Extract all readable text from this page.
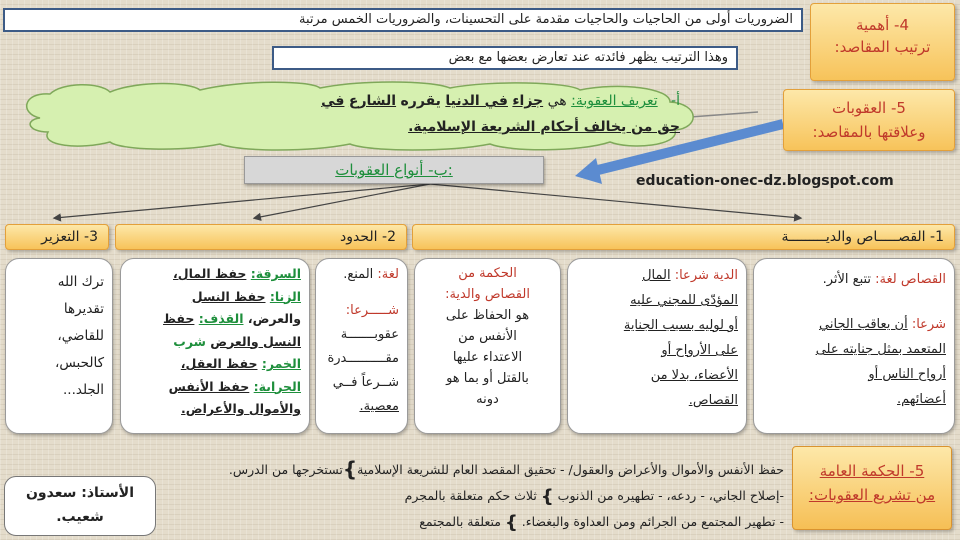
4- أهمية
ترتيب المقاصد:
الضروريات أولى من الحاجيات والحاجيات مقدمة على التحسينات، والضروريات الخمس مرتبة
وهذا الترتيب يظهر فائدته عند تعارض بعضها مع بعض
5- العقوبات
وعلاقتها بالمقاصد:
أ-   تعريف العقوبة: هي جزاء في الدنيا يقرره الشارع في
حق من يخالف أحكام الشريعة الإسلامية.
ب- أنواع العقوبات:
education-onec-dz.blogspot.com
1- القصـــــاص والديـــــــــة
2- الحدود
3- التعزير
القصاص لغة: تتبع الأثر.
شرعا: أن يعاقب الجاني
المتعمد بمثل جنايته على
أرواح الناس أو
أعضائهم.
الدية شرعا: المال
المؤدّى للمجني عليه
أو لوليه بسبب الجناية
على الأرواح أو
الأعضاء، بدلا من
القصاص.
الحكمة من
القصاص والدية:
هو الحفاظ على
الأنفس من
الاعتداء عليها
بالقتل أو بما هو
دونه
لغة: المنع.
شـــــرعا:
عقوبـــــــة
مقــــــــــدرة
شــرعاً فــي
معصية.
السرقة: حفظ المال،
الزنا: حفظ النسل
والعرض، القذف: حفظ
النسل والعرض شرب
الخمر: حفظ العقل،
الحرابة: حفظ الأنفس
والأموال والأعراض.
ترك الله
تقديرها
للقاضي،
كالحبس،
الجلد...
5- الحكمة العامة
من تشريع العقوبات:
حفظ الأنفس والأموال والأعراض والعقول/ - تحقيق المقصد العام للشريعة الإسلامية}تستخرجها من الدرس.
-إصلاح الجاني، - ردعه، - تطهيره من الذنوب } ثلاث حكم متعلقة بالمجرم
- تطهير المجتمع من الجرائم ومن العداوة والبغضاء. } متعلقة بالمجتمع
الأستاذ: سعدون
شعيب.
